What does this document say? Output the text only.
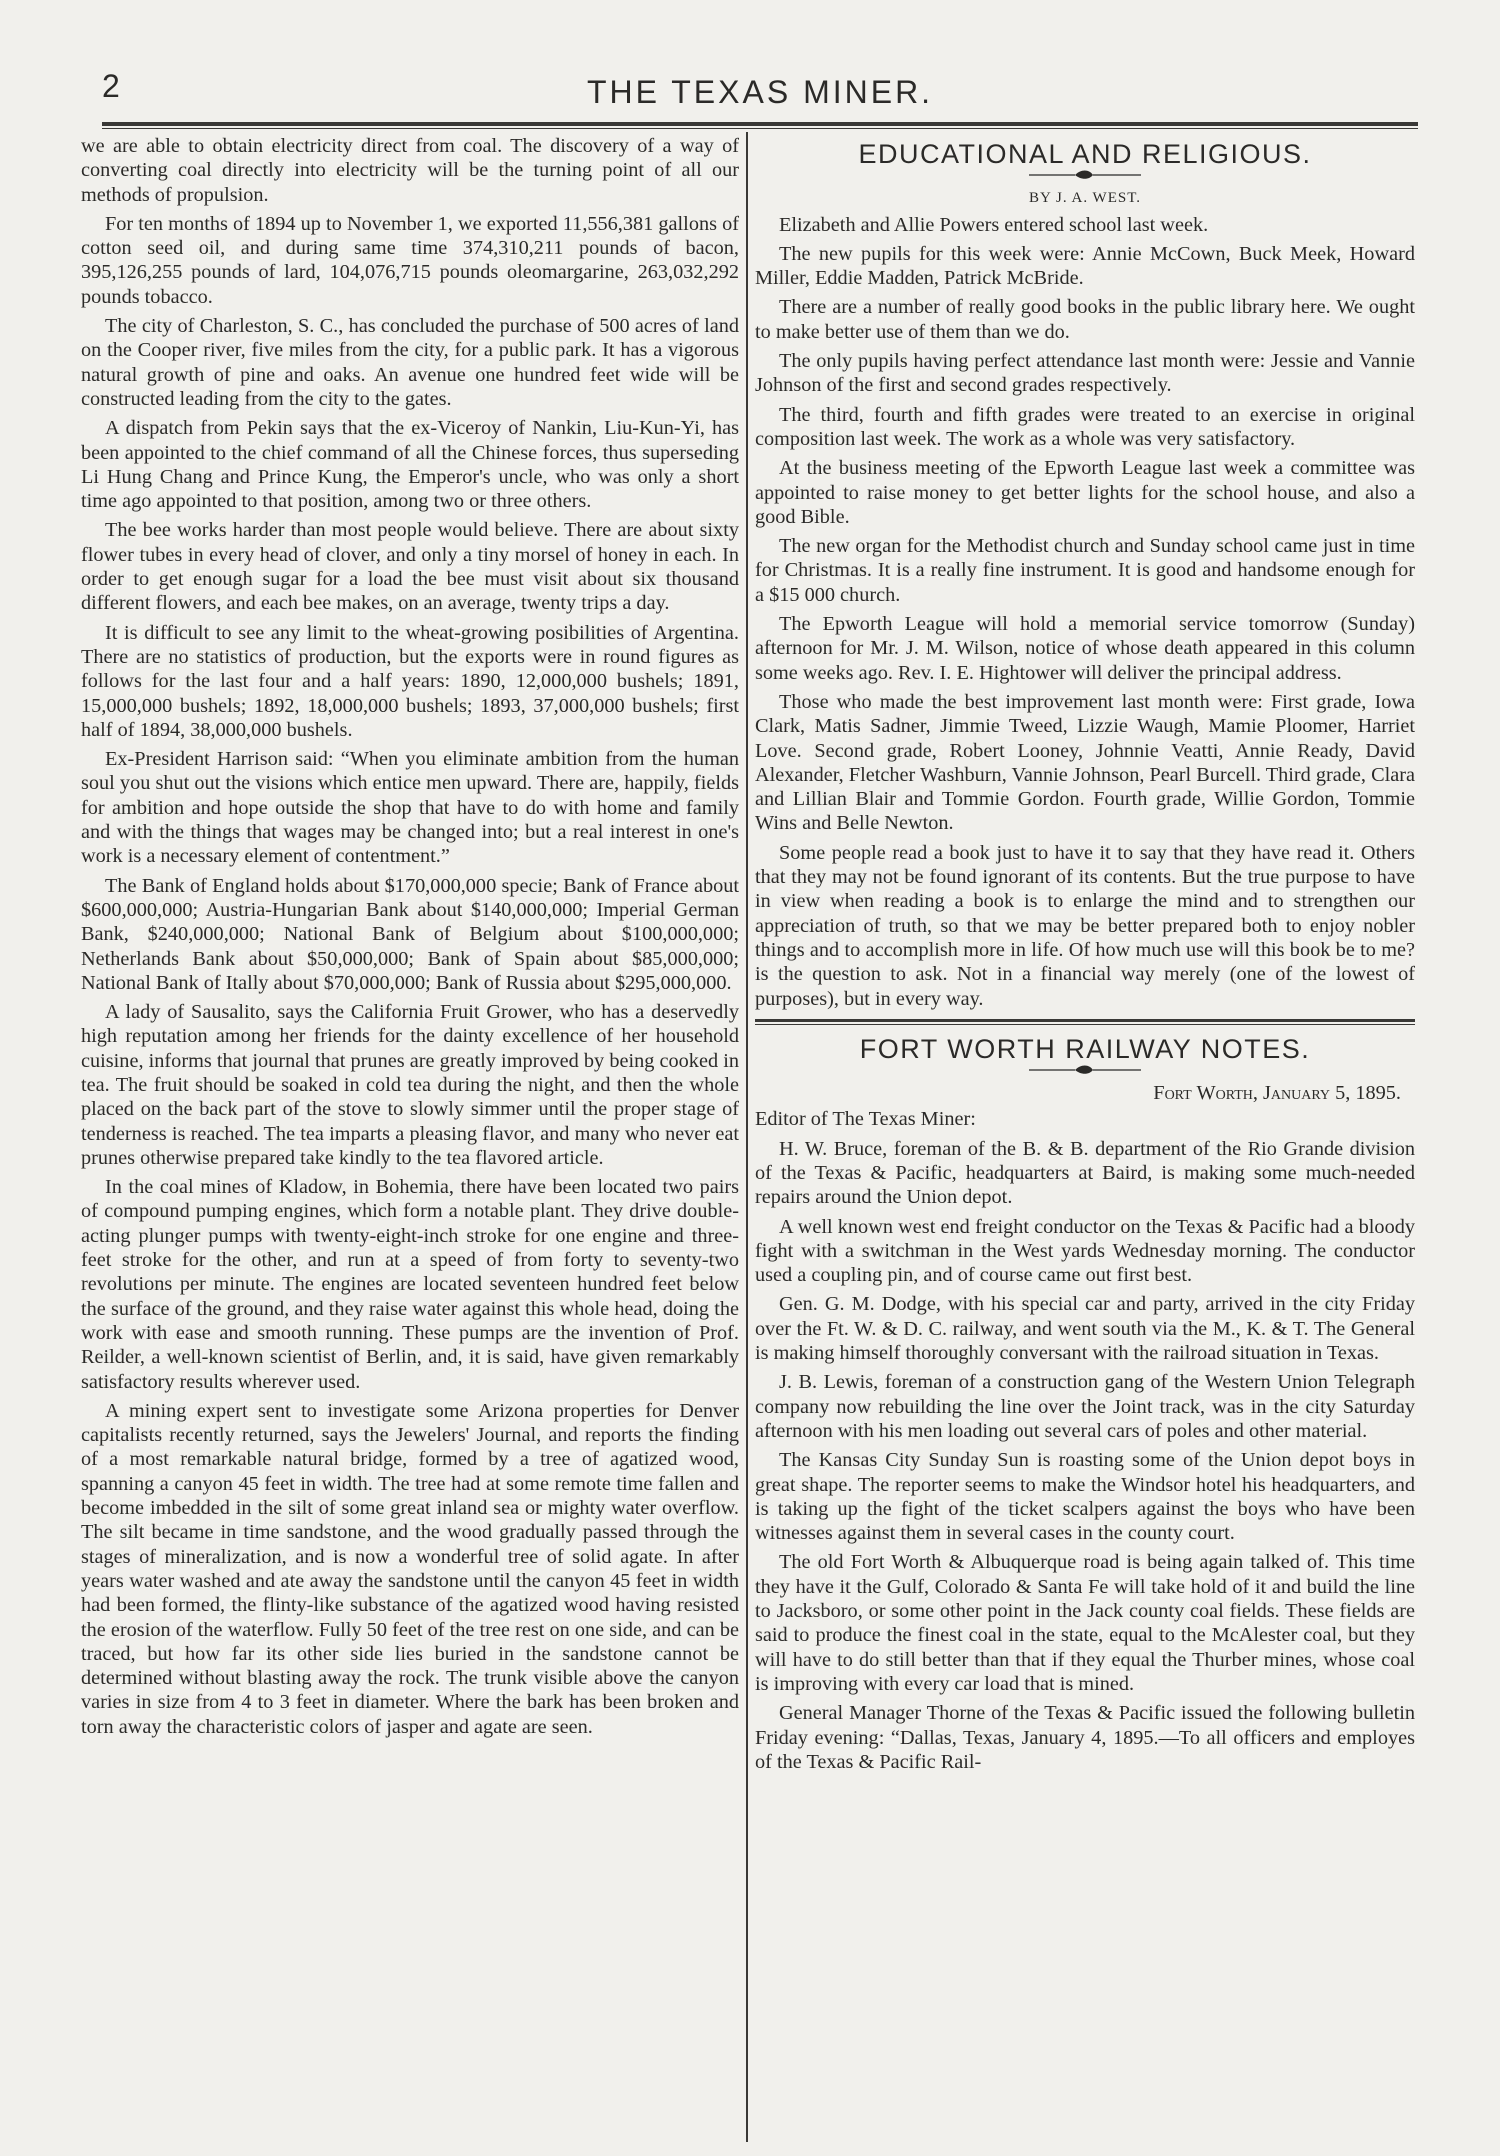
2	THE TEXAS MINER.

we are able to obtain electricity direct from coal. The discovery of a way of converting coal directly into electricity will be the turning point of all our methods of propulsion.

For ten months of 1894 up to November 1, we exported 11,556,381 gallons of cotton seed oil, and during same time 374,310,211 pounds of bacon, 395,126,255 pounds of lard, 104,076,715 pounds oleomargarine, 263,032,292 pounds tobacco.

The city of Charleston, S. C., has concluded the purchase of 500 acres of land on the Cooper river, five miles from the city, for a public park. It has a vigorous natural growth of pine and oaks. An avenue one hundred feet wide will be constructed leading from the city to the gates.

A dispatch from Pekin says that the ex-Viceroy of Nankin, Liu-Kun-Yi, has been appointed to the chief command of all the Chinese forces, thus superseding Li Hung Chang and Prince Kung, the Emperor's uncle, who was only a short time ago appointed to that position, among two or three others.

The bee works harder than most people would believe. There are about sixty flower tubes in every head of clover, and only a tiny morsel of honey in each. In order to get enough sugar for a load the bee must visit about six thousand different flowers, and each bee makes, on an average, twenty trips a day.

It is difficult to see any limit to the wheat-growing posibilities of Argentina. There are no statistics of production, but the exports were in round figures as follows for the last four and a half years: 1890, 12,000,000 bushels; 1891, 15,000,000 bushels; 1892, 18,000,000 bushels; 1893, 37,000,000 bushels; first half of 1894, 38,000,000 bushels.

Ex-President Harrison said: “When you eliminate ambition from the human soul you shut out the visions which entice men upward. There are, happily, fields for ambition and hope outside the shop that have to do with home and family and with the things that wages may be changed into; but a real interest in one's work is a necessary element of contentment.”

The Bank of England holds about $170,000,000 specie; Bank of France about $600,000,000; Austria-Hungarian Bank about $140,000,000; Imperial German Bank, $240,000,000; National Bank of Belgium about $100,000,000; Netherlands Bank about $50,000,000; Bank of Spain about $85,000,000; National Bank of Itally about $70,000,000; Bank of Russia about $295,000,000.

A lady of Sausalito, says the California Fruit Grower, who has a deservedly high reputation among her friends for the dainty excellence of her household cuisine, informs that journal that prunes are greatly improved by being cooked in tea. The fruit should be soaked in cold tea during the night, and then the whole placed on the back part of the stove to slowly simmer until the proper stage of tenderness is reached. The tea imparts a pleasing flavor, and many who never eat prunes otherwise prepared take kindly to the tea flavored article.

In the coal mines of Kladow, in Bohemia, there have been located two pairs of compound pumping engines, which form a notable plant. They drive double-acting plunger pumps with twenty-eight-inch stroke for one engine and three-feet stroke for the other, and run at a speed of from forty to seventy-two revolutions per minute. The engines are located seventeen hundred feet below the surface of the ground, and they raise water against this whole head, doing the work with ease and smooth running. These pumps are the invention of Prof. Reilder, a well-known scientist of Berlin, and, it is said, have given remarkably satisfactory results wherever used.

A mining expert sent to investigate some Arizona properties for Denver capitalists recently returned, says the Jewelers' Journal, and reports the finding of a most remarkable natural bridge, formed by a tree of agatized wood, spanning a canyon 45 feet in width. The tree had at some remote time fallen and become imbedded in the silt of some great inland sea or mighty water overflow. The silt became in time sandstone, and the wood gradually passed through the stages of mineralization, and is now a wonderful tree of solid agate. In after years water washed and ate away the sandstone until the canyon 45 feet in width had been formed, the flinty-like substance of the agatized wood having resisted the erosion of the waterflow. Fully 50 feet of the tree rest on one side, and can be traced, but how far its other side lies buried in the sandstone cannot be determined without blasting away the rock. The trunk visible above the canyon varies in size from 4 to 3 feet in diameter. Where the bark has been broken and torn away the characteristic colors of jasper and agate are seen.

EDUCATIONAL AND RELIGIOUS.
BY J. A. WEST.

Elizabeth and Allie Powers entered school last week.

The new pupils for this week were: Annie McCown, Buck Meek, Howard Miller, Eddie Madden, Patrick McBride.

There are a number of really good books in the public library here. We ought to make better use of them than we do.

The only pupils having perfect attendance last month were: Jessie and Vannie Johnson of the first and second grades respectively.

The third, fourth and fifth grades were treated to an exercise in original composition last week. The work as a whole was very satisfactory.

At the business meeting of the Epworth League last week a committee was appointed to raise money to get better lights for the school house, and also a good Bible.

The new organ for the Methodist church and Sunday school came just in time for Christmas. It is a really fine instrument. It is good and handsome enough for a $15 000 church.

The Epworth League will hold a memorial service tomorrow (Sunday) afternoon for Mr. J. M. Wilson, notice of whose death appeared in this column some weeks ago. Rev. I. E. Hightower will deliver the principal address.

Those who made the best improvement last month were: First grade, Iowa Clark, Matis Sadner, Jimmie Tweed, Lizzie Waugh, Mamie Ploomer, Harriet Love. Second grade, Robert Looney, Johnnie Veatti, Annie Ready, David Alexander, Fletcher Washburn, Vannie Johnson, Pearl Burcell. Third grade, Clara and Lillian Blair and Tommie Gordon. Fourth grade, Willie Gordon, Tommie Wins and Belle Newton.

Some people read a book just to have it to say that they have read it. Others that they may not be found ignorant of its contents. But the true purpose to have in view when reading a book is to enlarge the mind and to strengthen our appreciation of truth, so that we may be better prepared both to enjoy nobler things and to accomplish more in life. Of how much use will this book be to me? is the question to ask. Not in a financial way merely (one of the lowest of purposes), but in every way.

FORT WORTH RAILWAY NOTES.
Fort Worth, January 5, 1895.

Editor of The Texas Miner:

H. W. Bruce, foreman of the B. & B. department of the Rio Grande division of the Texas & Pacific, headquarters at Baird, is making some much-needed repairs around the Union depot.

A well known west end freight conductor on the Texas & Pacific had a bloody fight with a switchman in the West yards Wednesday morning. The conductor used a coupling pin, and of course came out first best.

Gen. G. M. Dodge, with his special car and party, arrived in the city Friday over the Ft. W. & D. C. railway, and went south via the M., K. & T. The General is making himself thoroughly conversant with the railroad situation in Texas.

J. B. Lewis, foreman of a construction gang of the Western Union Telegraph company now rebuilding the line over the Joint track, was in the city Saturday afternoon with his men loading out several cars of poles and other material.

The Kansas City Sunday Sun is roasting some of the Union depot boys in great shape. The reporter seems to make the Windsor hotel his headquarters, and is taking up the fight of the ticket scalpers against the boys who have been witnesses against them in several cases in the county court.

The old Fort Worth & Albuquerque road is being again talked of. This time they have it the Gulf, Colorado & Santa Fe will take hold of it and build the line to Jacksboro, or some other point in the Jack county coal fields. These fields are said to produce the finest coal in the state, equal to the McAlester coal, but they will have to do still better than that if they equal the Thurber mines, whose coal is improving with every car load that is mined.

General Manager Thorne of the Texas & Pacific issued the following bulletin Friday evening: “Dallas, Texas, January 4, 1895.—To all officers and employes of the Texas & Pacific Rail-
